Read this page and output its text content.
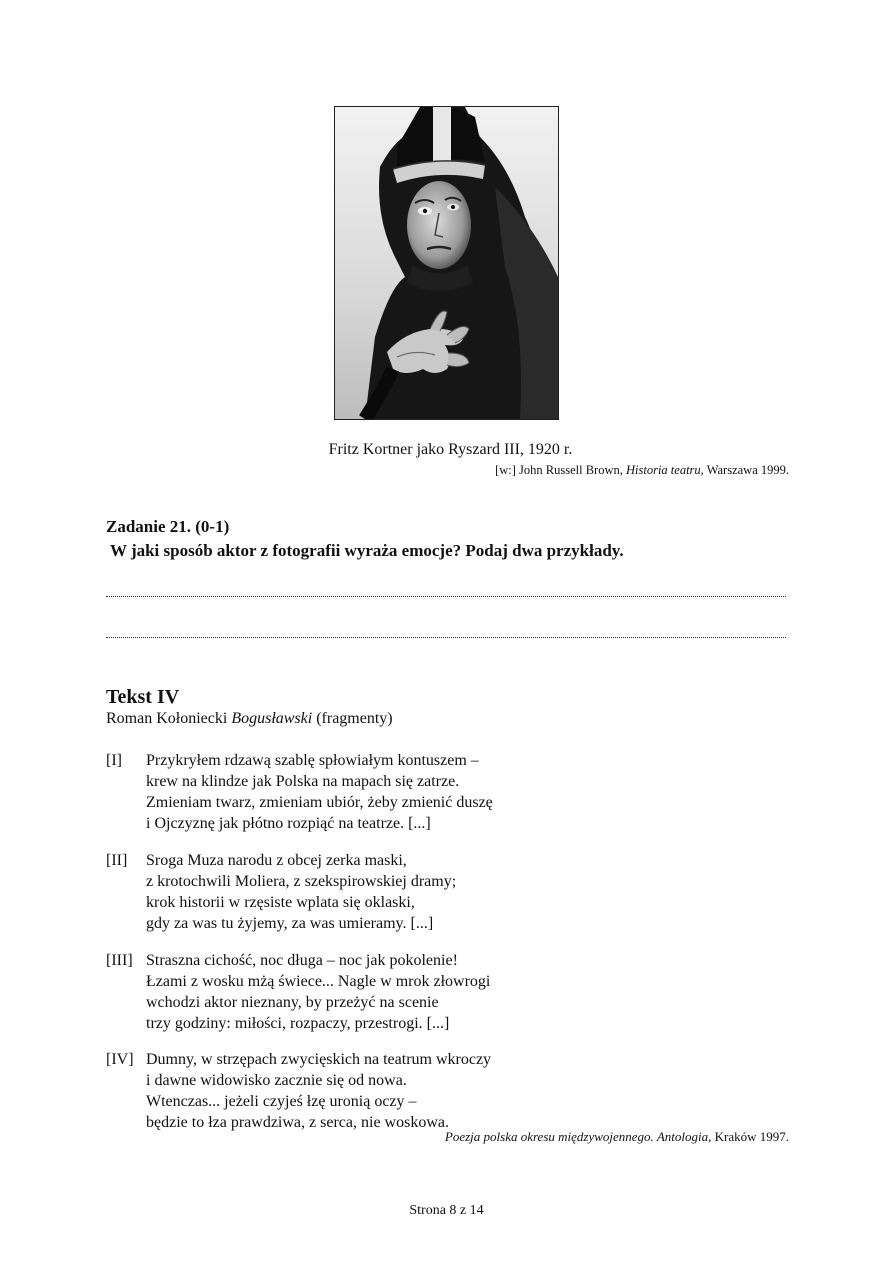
Fritz Kortner jako Ryszard III, 1920 r.
[w:] John Russell Brown, Historia teatru, Warszawa 1999.
Zadanie 21. (0-1)
W jaki sposób aktor z fotografii wyraża emocje? Podaj dwa przykłady.
Tekst IV
Roman Kołoniecki Bogusławski (fragmenty)
[I] Przykryłem rdzawą szablę spłowiałym kontuszem –
krew na klindze jak Polska na mapach się zatrze.
Zmieniam twarz, zmieniam ubiór, żeby zmienić duszę
i Ojczyznę jak płótno rozpiąć na teatrze. [...]
[II] Sroga Muza narodu z obcej zerka maski,
z krotochwili Moliera, z szekspirowskiej dramy;
krok historii w rzęsiste wplata się oklaski,
gdy za was tu żyjemy, za was umieramy. [...]
[III] Straszna cichość, noc długa – noc jak pokolenie!
Łzami z wosku mżą świece... Nagle w mrok złowrogi
wchodzi aktor nieznany, by przeżyć na scenie
trzy godziny: miłości, rozpaczy, przestrogi. [...]
[IV] Dumny, w strzępach zwycięskich na teatrum wkroczy
i dawne widowisko zacznie się od nowa.
Wtenczas... jeżeli czyjeś łzę uronią oczy –
będzie to łza prawdziwa, z serca, nie woskowa.
Poezja polska okresu międzywojennego. Antologia, Kraków 1997.
Strona 8 z 14
